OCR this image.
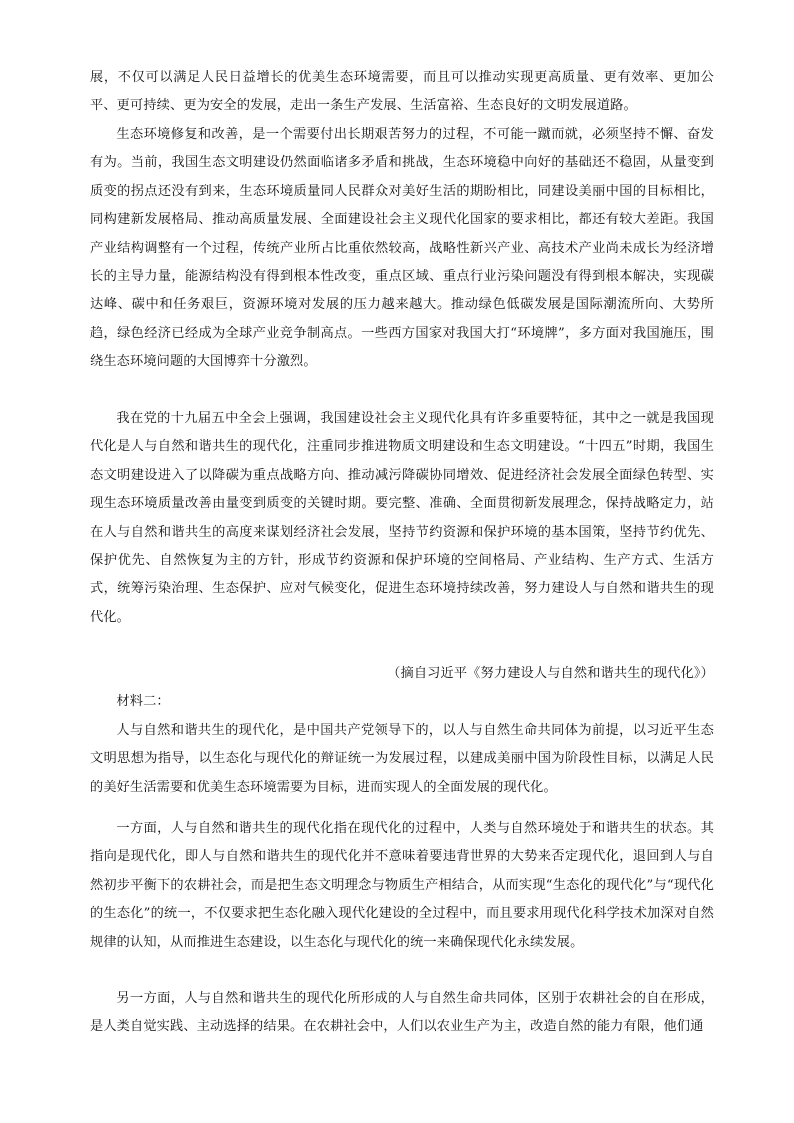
展，不仅可以满足人民日益增长的优美生态环境需要，而且可以推动实现更高质量、更有效率、更加公平、更可持续、更为安全的发展，走出一条生产发展、生活富裕、生态良好的文明发展道路。

生态环境修复和改善，是一个需要付出长期艰苦努力的过程，不可能一蹴而就，必须坚持不懈、奋发有为。当前，我国生态文明建设仍然面临诸多矛盾和挑战，生态环境稳中向好的基础还不稳固，从量变到质变的拐点还没有到来，生态环境质量同人民群众对美好生活的期盼相比，同建设美丽中国的目标相比，同构建新发展格局、推动高质量发展、全面建设社会主义现代化国家的要求相比，都还有较大差距。我国产业结构调整有一个过程，传统产业所占比重依然较高，战略性新兴产业、高技术产业尚未成长为经济增长的主导力量，能源结构没有得到根本性改变，重点区域、重点行业污染问题没有得到根本解决，实现碳达峰、碳中和任务艰巨，资源环境对发展的压力越来越大。推动绿色低碳发展是国际潮流所向、大势所趋，绿色经济已经成为全球产业竞争制高点。一些西方国家对我国大打“环境牌”，多方面对我国施压，围绕生态环境问题的大国博弈十分激烈。

我在党的十九届五中全会上强调，我国建设社会主义现代化具有许多重要特征，其中之一就是我国现代化是人与自然和谐共生的现代化，注重同步推进物质文明建设和生态文明建设。“十四五”时期，我国生态文明建设进入了以降碳为重点战略方向、推动减污降碳协同增效、促进经济社会发展全面绿色转型、实现生态环境质量改善由量变到质变的关键时期。要完整、准确、全面贯彻新发展理念，保持战略定力，站在人与自然和谐共生的高度来谋划经济社会发展，坚持节约资源和保护环境的基本国策，坚持节约优先、保护优先、自然恢复为主的方针，形成节约资源和保护环境的空间格局、产业结构、生产方式、生活方式，统筹污染治理、生态保护、应对气候变化，促进生态环境持续改善，努力建设人与自然和谐共生的现代化。

（摘自习近平《努力建设人与自然和谐共生的现代化》）

材料二：

人与自然和谐共生的现代化，是中国共产党领导下的，以人与自然生命共同体为前提，以习近平生态文明思想为指导，以生态化与现代化的辩证统一为发展过程，以建成美丽中国为阶段性目标，以满足人民的美好生活需要和优美生态环境需要为目标，进而实现人的全面发展的现代化。

一方面，人与自然和谐共生的现代化指在现代化的过程中，人类与自然环境处于和谐共生的状态。其指向是现代化，即人与自然和谐共生的现代化并不意味着要违背世界的大势来否定现代化，退回到人与自然初步平衡下的农耕社会，而是把生态文明理念与物质生产相结合，从而实现“生态化的现代化”与“现代化的生态化”的统一，不仅要求把生态化融入现代化建设的全过程中，而且要求用现代化科学技术加深对自然规律的认知，从而推进生态建设，以生态化与现代化的统一来确保现代化永续发展。

另一方面，人与自然和谐共生的现代化所形成的人与自然生命共同体，区别于农耕社会的自在形成，是人类自觉实践、主动选择的结果。在农耕社会中，人们以农业生产为主，改造自然的能力有限，他们通
